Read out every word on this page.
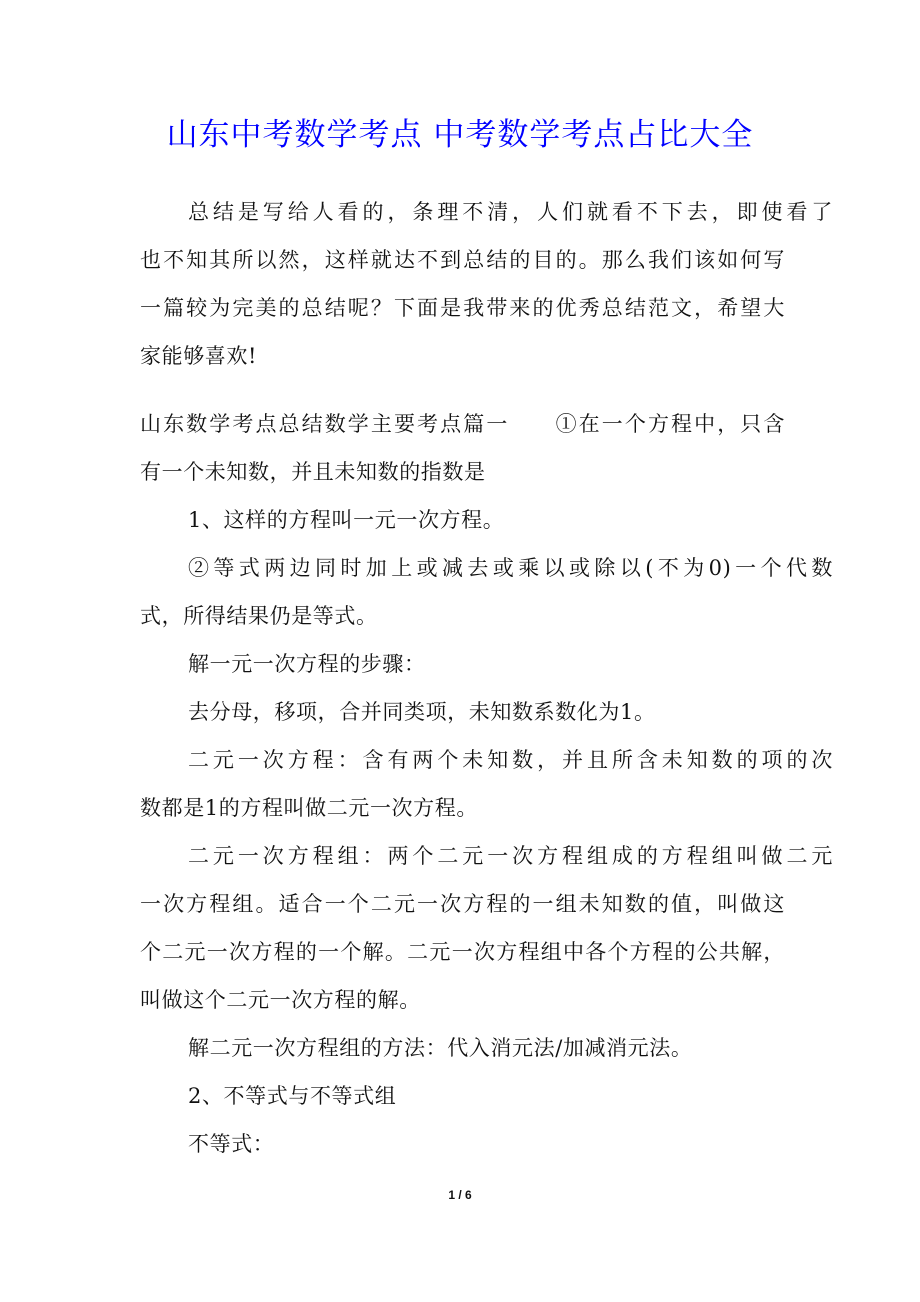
山东中考数学考点 中考数学考点占比大全
总结是写给人看的，条理不清，人们就看不下去，即使看了
也不知其所以然，这样就达不到总结的目的。那么我们该如何写
一篇较为完美的总结呢？下面是我带来的优秀总结范文，希望大
家能够喜欢!
山东数学考点总结数学主要考点篇一　　①在一个方程中，只含
有一个未知数，并且未知数的指数是
1、这样的方程叫一元一次方程。
②等式两边同时加上或减去或乘以或除以(不为0)一个代数
式，所得结果仍是等式。
解一元一次方程的步骤：
去分母，移项，合并同类项，未知数系数化为1。
二元一次方程：含有两个未知数，并且所含未知数的项的次
数都是1的方程叫做二元一次方程。
二元一次方程组：两个二元一次方程组成的方程组叫做二元
一次方程组。适合一个二元一次方程的一组未知数的值，叫做这
个二元一次方程的一个解。二元一次方程组中各个方程的公共解，
叫做这个二元一次方程的解。
解二元一次方程组的方法：代入消元法/加减消元法。
2、不等式与不等式组
不等式：
1 / 6
